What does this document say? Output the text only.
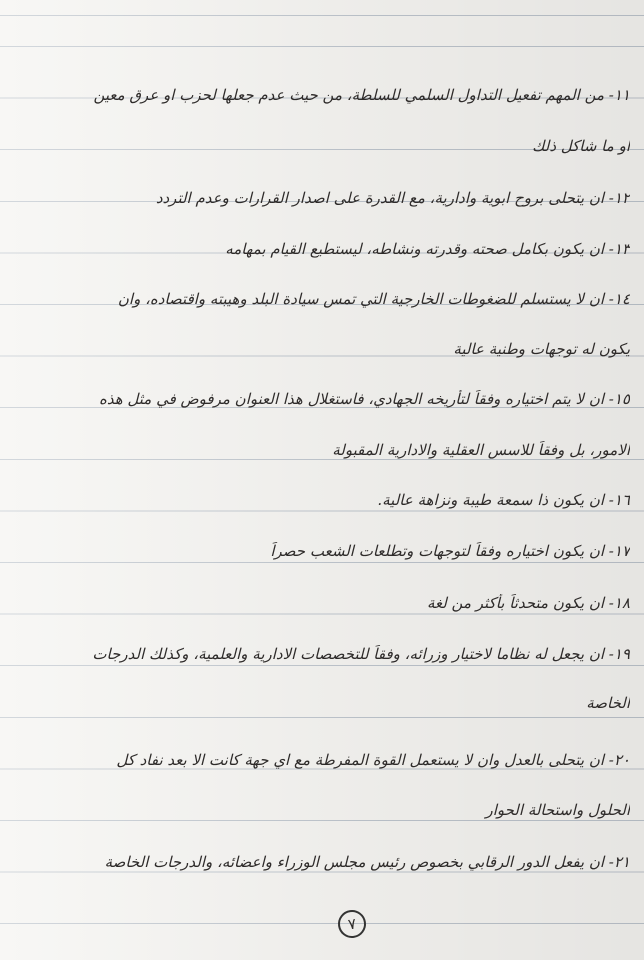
١١- من المهم تفعيل التداول السلمي للسلطة، من حيث عدم جعلها لحزب او عرق معين
او ما شاكل ذلك
١٢- ان يتحلى بروح ابوية وادارية، مع القدرة على اصدار القرارات وعدم التردد
١٣- ان يكون بكامل صحته وقدرته ونشاطه، ليستطيع القيام بمهامه
١٤- ان لا يستسلم للضغوطات الخارجية التي تمس سيادة البلد وهيبته واقتصاده، وان
يكون له توجهات وطنية عالية
١٥- ان لا يتم اختياره وفقاً لتأريخه الجهادي، فاستغلال هذا العنوان مرفوض في مثل هذه
الامور، بل وفقاً للاسس العقلية والادارية المقبولة
١٦- ان يكون ذا سمعة طيبة ونزاهة عالية.
١٧- ان يكون اختياره وفقاً لتوجهات وتطلعات الشعب حصراً
١٨- ان يكون متحدثاً بأكثر من لغة
١٩- ان يجعل له نظاما لاختيار وزرائه، وفقاً للتخصصات الادارية والعلمية، وكذلك الدرجات
الخاصة
٢٠- ان يتحلى بالعدل وان لا يستعمل القوة المفرطة مع اي جهة كانت الا بعد نفاد كل
الحلول واستحالة الحوار
٢١- ان يفعل الدور الرقابي بخصوص رئيس مجلس الوزراء واعضائه، والدرجات الخاصة
٧
